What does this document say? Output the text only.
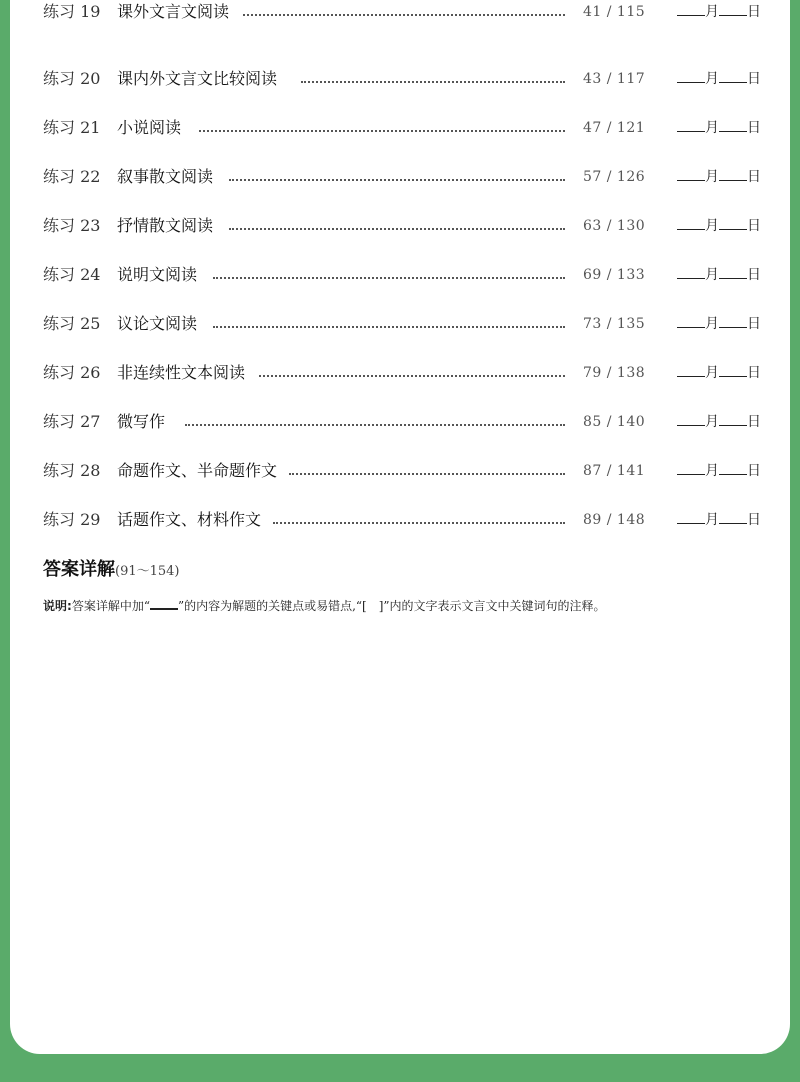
练习 19 课外文言文阅读	41 / 115	月 日
练习 20 课内外文言文比较阅读	43 / 117	月 日
练习 21 小说阅读	47 / 121	月 日
练习 22 叙事散文阅读	57 / 126	月 日
练习 23 抒情散文阅读	63 / 130	月 日
练习 24 说明文阅读	69 / 133	月 日
练习 25 议论文阅读	73 / 135	月 日
练习 26 非连续性文本阅读	79 / 138	月 日
练习 27 微写作	85 / 140	月 日
练习 28 命题作文、半命题作文	87 / 141	月 日
练习 29 话题作文、材料作文	89 / 148	月 日
答案详解(91～154)
说明:答案详解中加“ ”的内容为解题的关键点或易错点,“[　]”内的文字表示文言文中关键词句的注释。
